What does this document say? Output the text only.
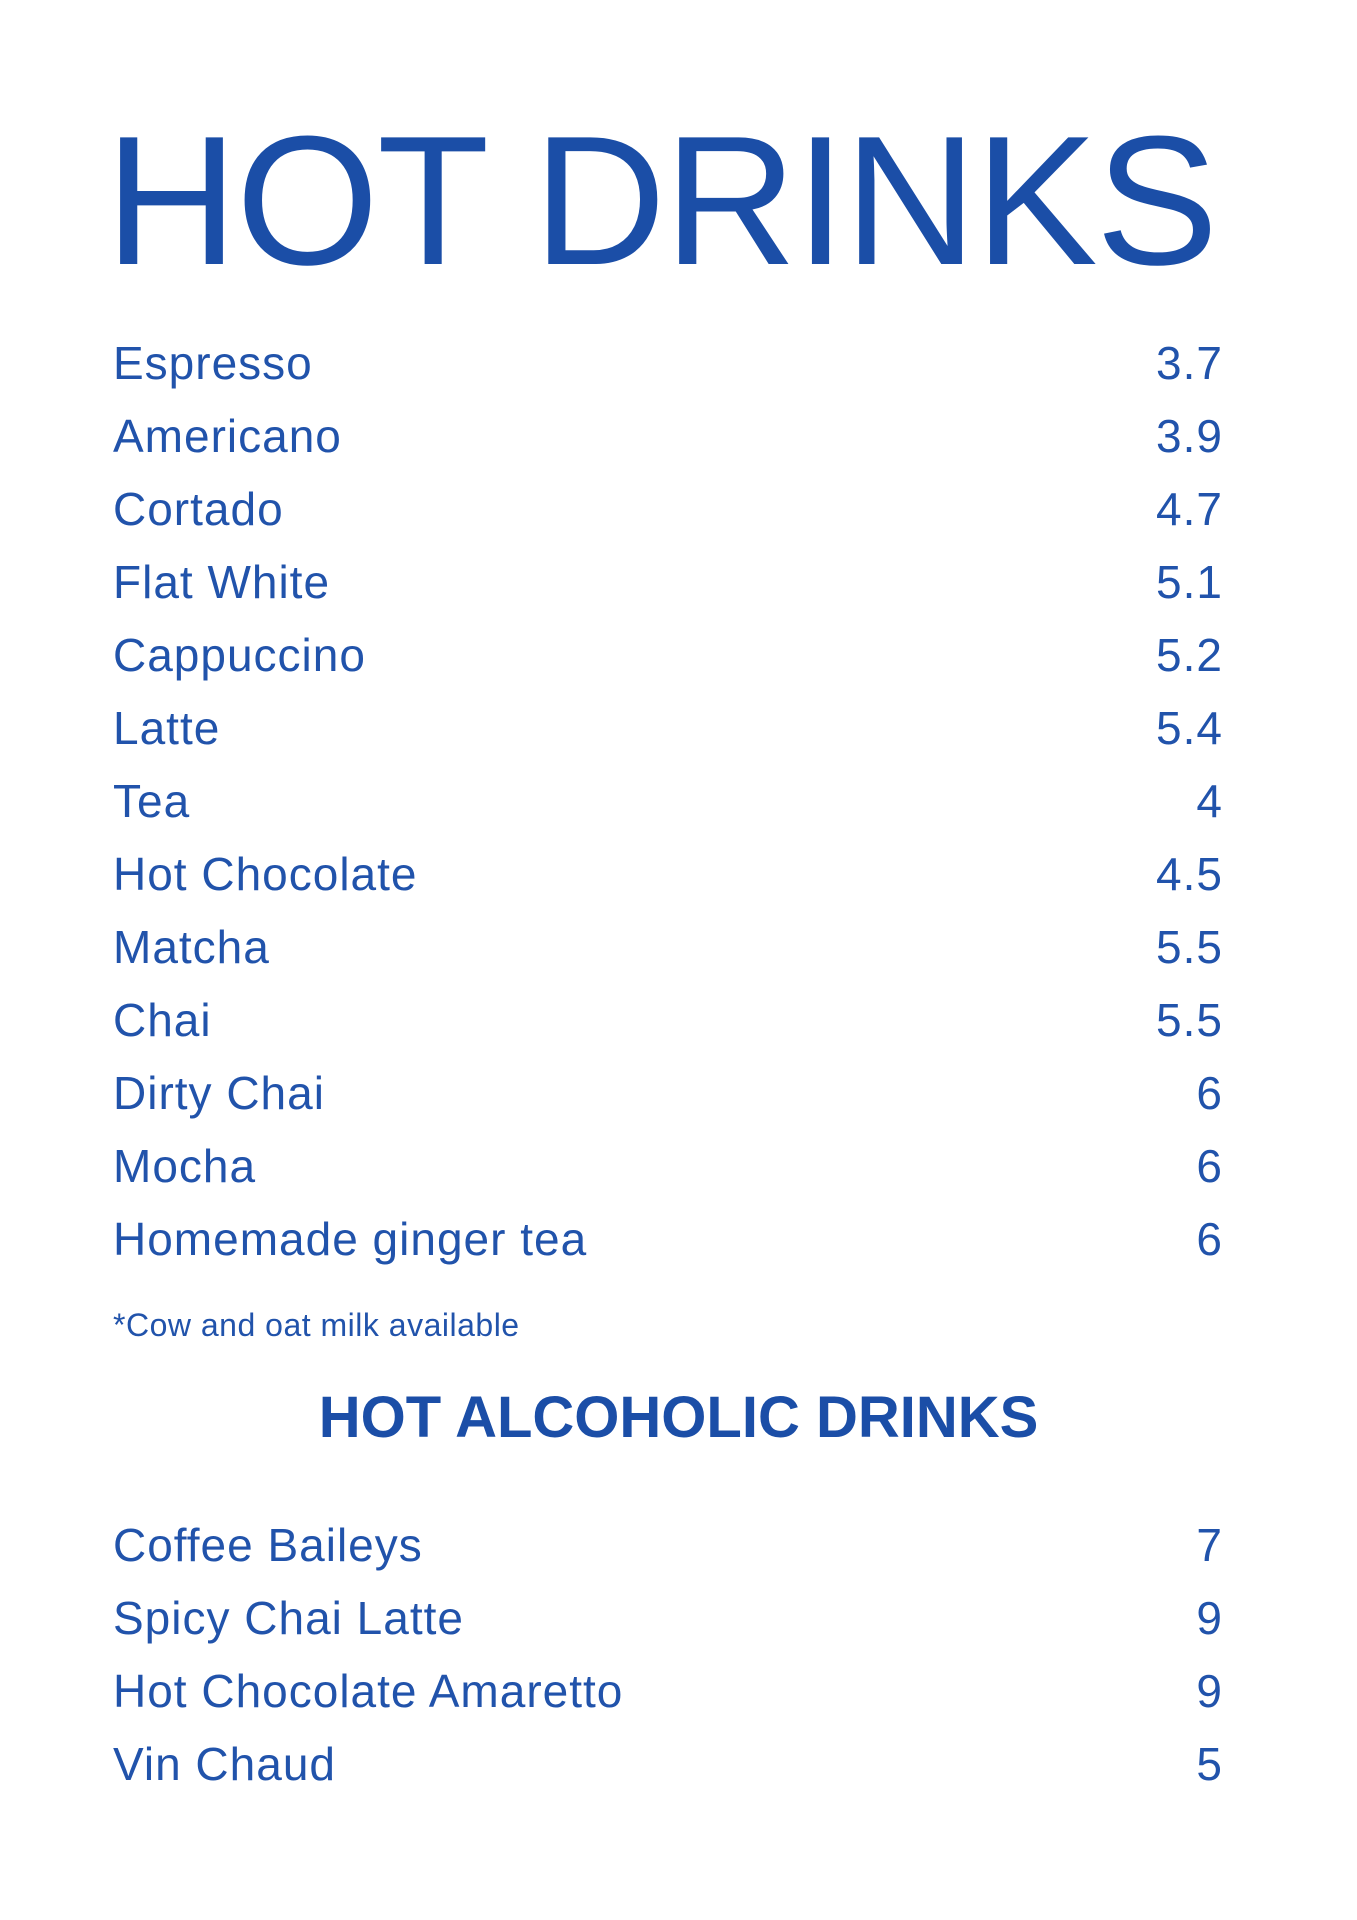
HOT DRINKS
Espresso	3.7
Americano	3.9
Cortado	4.7
Flat White	5.1
Cappuccino	5.2
Latte	5.4
Tea	4
Hot Chocolate	4.5
Matcha	5.5
Chai	5.5
Dirty Chai	6
Mocha	6
Homemade ginger tea	6
*Cow and oat milk available
HOT ALCOHOLIC DRINKS
Coffee Baileys	7
Spicy Chai Latte	9
Hot Chocolate Amaretto	9
Vin Chaud	5
